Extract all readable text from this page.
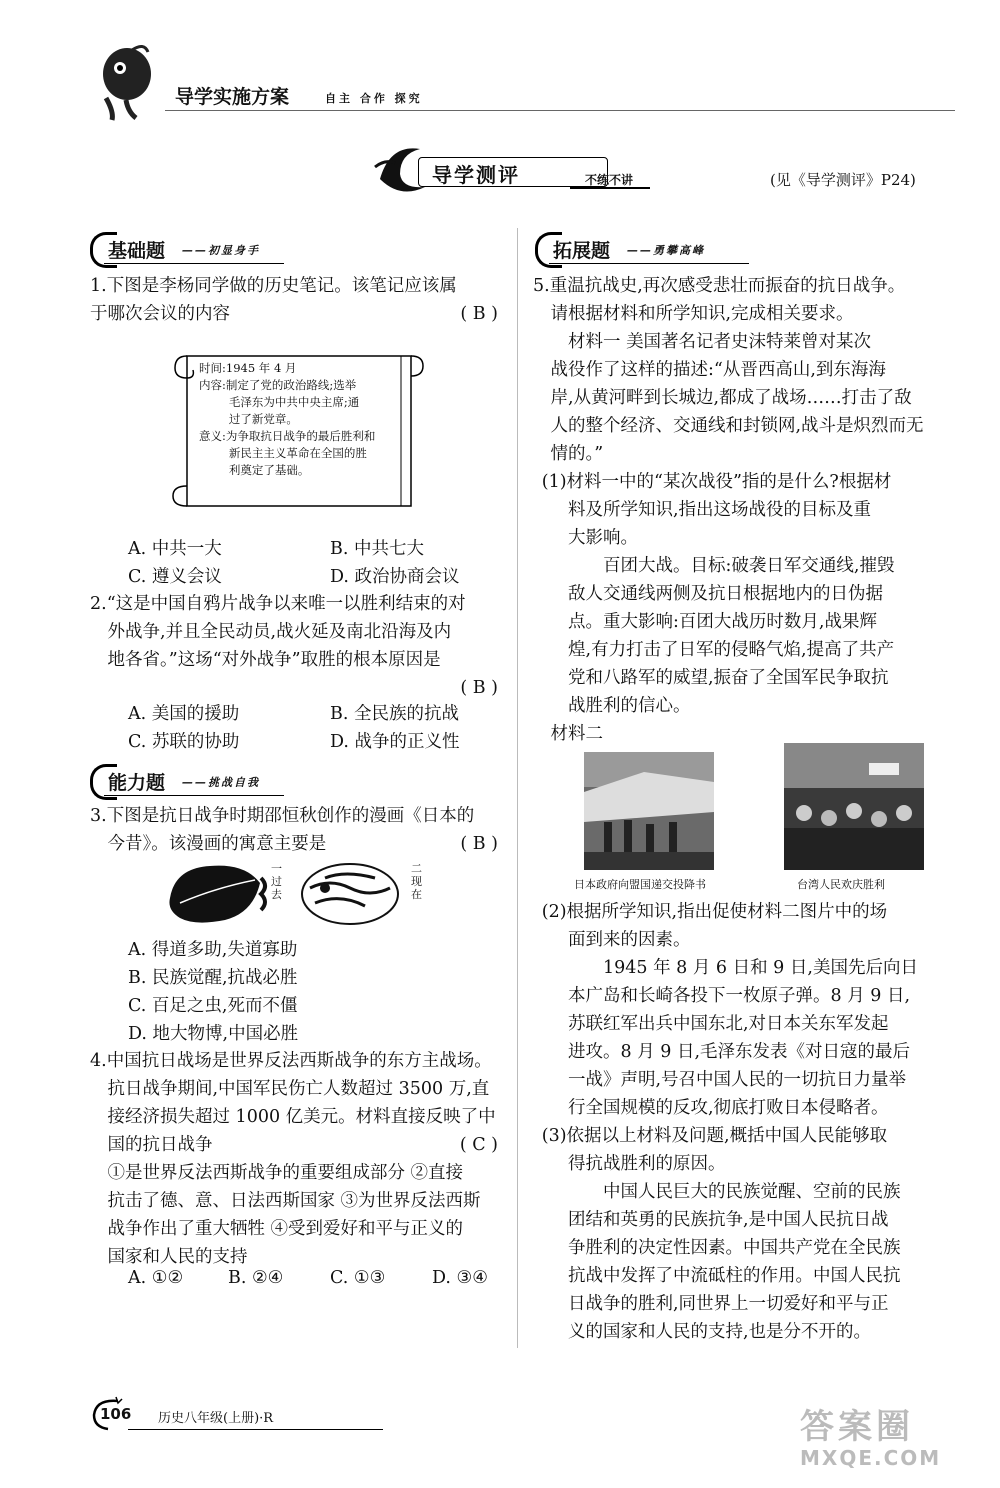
导学实施方案	自主 合作 探究
导学测评	不练不讲	(见《导学测评》P24)
基础题 ——初显身手

1.下图是李杨同学做的历史笔记。该笔记应该属

于哪次会议的内容	( B )

时间:1945 年 4 月
内容:制定了党的政治路线;选举
毛泽东为中共中央主席;通
过了新党章。
意义:为争取抗日战争的最后胜利和
新民主主义革命在全国的胜
利奠定了基础。
A. 中共一大	B. 中共七大
C. 遵义会议	D. 政治协商会议

2.“这是中国自鸦片战争以来唯一以胜利结束的对

外战争,并且全民动员,战火延及南北沿海及内

地各省。”这场“对外战争”取胜的根本原因是

( B )

A. 美国的援助	B. 全民族的抗战
C. 苏联的协助	D. 战争的正义性
能力题 ——挑战自我

3.下图是抗日战争时期邵恒秋创作的漫画《日本的

今昔》。该漫画的寓意主要是	( B )

一 过 去
二 现 在

A. 得道多助,失道寡助

B. 民族觉醒,抗战必胜

C. 百足之虫,死而不僵

D. 地大物博,中国必胜

4.中国抗日战场是世界反法西斯战争的东方主战场。

抗日战争期间,中国军民伤亡人数超过 3500 万,直

接经济损失超过 1000 亿美元。材料直接反映了中

国的抗日战争	( C )

①是世界反法西斯战争的重要组成部分 ②直接

抗击了德、意、日法西斯国家 ③为世界反法西斯

战争作出了重大牺牲 ④受到爱好和平与正义的

国家和人民的支持

A. ①②	B. ②④	C. ①③	D. ③④
拓展题 ——勇攀高峰

5.重温抗战史,再次感受悲壮而振奋的抗日战争。

请根据材料和所学知识,完成相关要求。

材料一 美国著名记者史沫特莱曾对某次

战役作了这样的描述:“从晋西高山,到东海海

岸,从黄河畔到长城边,都成了战场……打击了敌

人的整个经济、交通线和封锁网,战斗是炽烈而无

情的。”

(1)材料一中的“某次战役”指的是什么?根据材

料及所学知识,指出这场战役的目标及重

大影响。

百团大战。目标:破袭日军交通线,摧毁

敌人交通线两侧及抗日根据地内的日伪据

点。重大影响:百团大战历时数月,战果辉

煌,有力打击了日军的侵略气焰,提高了共产

党和八路军的威望,振奋了全国军民争取抗

战胜利的信心。

材料二

日本政府向盟国递交投降书	台湾人民欢庆胜利

(2)根据所学知识,指出促使材料二图片中的场

面到来的因素。

1945 年 8 月 6 日和 9 日,美国先后向日

本广岛和长崎各投下一枚原子弹。8 月 9 日,

苏联红军出兵中国东北,对日本关东军发起

进攻。8 月 9 日,毛泽东发表《对日寇的最后

一战》声明,号召中国人民的一切抗日力量举

行全国规模的反攻,彻底打败日本侵略者。

(3)依据以上材料及问题,概括中国人民能够取

得抗战胜利的原因。

中国人民巨大的民族觉醒、空前的民族

团结和英勇的民族抗争,是中国人民抗日战

争胜利的决定性因素。中国共产党在全民族

抗战中发挥了中流砥柱的作用。中国人民抗

日战争的胜利,同世界上一切爱好和平与正

义的国家和人民的支持,也是分不开的。

106 历史八年级(上册)·R	答案圈
MXQE.COM
